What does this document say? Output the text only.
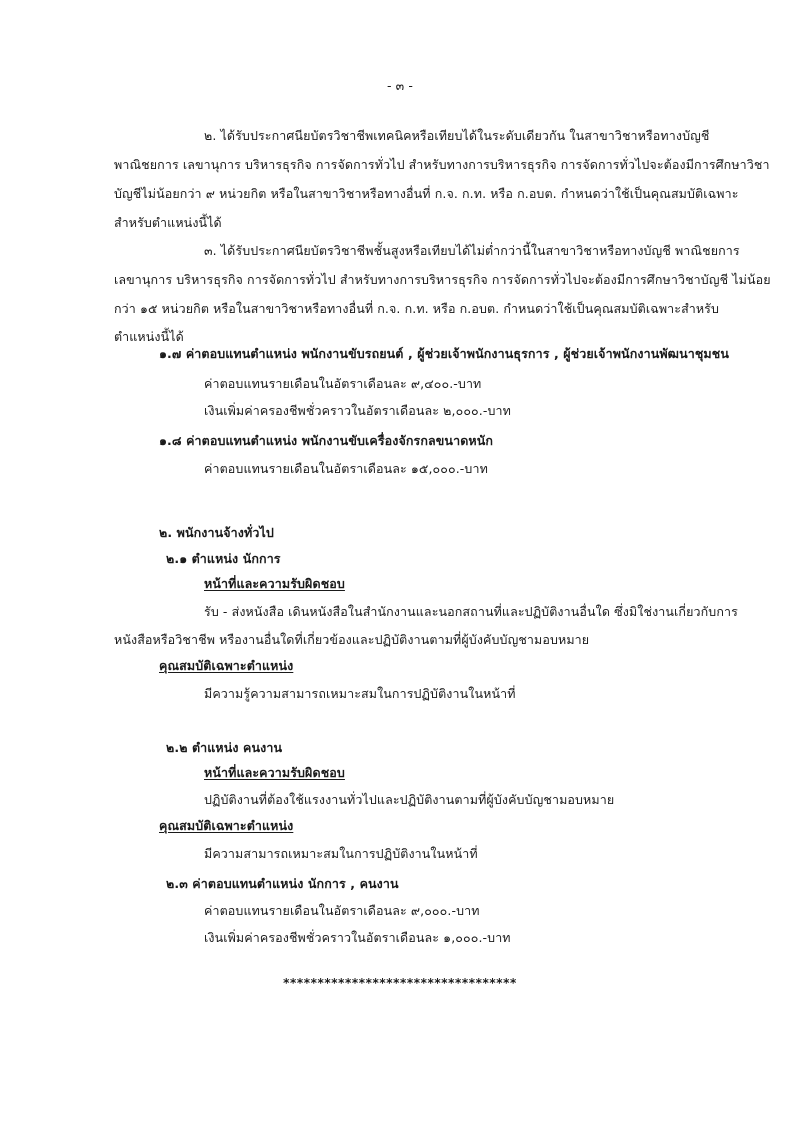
- ๓ -
๒. ได้รับประกาศนียบัตรวิชาชีพเทคนิคหรือเทียบได้ในระดับเดียวกัน ในสาขาวิชาหรือทางบัญชี
พาณิชยการ เลขานุการ บริหารธุรกิจ การจัดการทั่วไป สำหรับทางการบริหารธุรกิจ การจัดการทั่วไปจะต้องมีการศึกษาวิชา
บัญชีไม่น้อยกว่า ๙ หน่วยกิต หรือในสาขาวิชาหรือทางอื่นที่ ก.จ. ก.ท. หรือ ก.อบต. กำหนดว่าใช้เป็นคุณสมบัติเฉพาะ
สำหรับตำแหน่งนี้ได้
๓. ได้รับประกาศนียบัตรวิชาชีพชั้นสูงหรือเทียบได้ไม่ต่ำกว่านี้ในสาขาวิชาหรือทางบัญชี พาณิชยการ
เลขานุการ บริหารธุรกิจ การจัดการทั่วไป สำหรับทางการบริหารธุรกิจ การจัดการทั่วไปจะต้องมีการศึกษาวิชาบัญชี ไม่น้อย
กว่า ๑๕ หน่วยกิต หรือในสาขาวิชาหรือทางอื่นที่ ก.จ. ก.ท. หรือ ก.อบต. กำหนดว่าใช้เป็นคุณสมบัติเฉพาะสำหรับ
ตำแหน่งนี้ได้
๑.๗ ค่าตอบแทนตำแหน่ง พนักงานขับรถยนต์ , ผู้ช่วยเจ้าพนักงานธุรการ , ผู้ช่วยเจ้าพนักงานพัฒนาชุมชน
ค่าตอบแทนรายเดือนในอัตราเดือนละ ๙,๔๐๐.-บาท
เงินเพิ่มค่าครองชีพชั่วคราวในอัตราเดือนละ ๒,๐๐๐.-บาท
๑.๘ ค่าตอบแทนตำแหน่ง พนักงานขับเครื่องจักรกลขนาดหนัก
ค่าตอบแทนรายเดือนในอัตราเดือนละ ๑๕,๐๐๐.-บาท
๒. พนักงานจ้างทั่วไป
๒.๑ ตำแหน่ง นักการ
หน้าที่และความรับผิดชอบ
รับ - ส่งหนังสือ เดินหนังสือในสำนักงานและนอกสถานที่และปฏิบัติงานอื่นใด ซึ่งมิใช่งานเกี่ยวกับการ
หนังสือหรือวิชาชีพ หรืองานอื่นใดที่เกี่ยวข้องและปฏิบัติงานตามที่ผู้บังคับบัญชามอบหมาย
คุณสมบัติเฉพาะตำแหน่ง
มีความรู้ความสามารถเหมาะสมในการปฏิบัติงานในหน้าที่
๒.๒ ตำแหน่ง คนงาน
หน้าที่และความรับผิดชอบ
ปฏิบัติงานที่ต้องใช้แรงงานทั่วไปและปฏิบัติงานตามที่ผู้บังคับบัญชามอบหมาย
คุณสมบัติเฉพาะตำแหน่ง
มีความสามารถเหมาะสมในการปฏิบัติงานในหน้าที่
๒.๓ ค่าตอบแทนตำแหน่ง นักการ , คนงาน
ค่าตอบแทนรายเดือนในอัตราเดือนละ ๙,๐๐๐.-บาท
เงินเพิ่มค่าครองชีพชั่วคราวในอัตราเดือนละ ๑,๐๐๐.-บาท
**********************************
